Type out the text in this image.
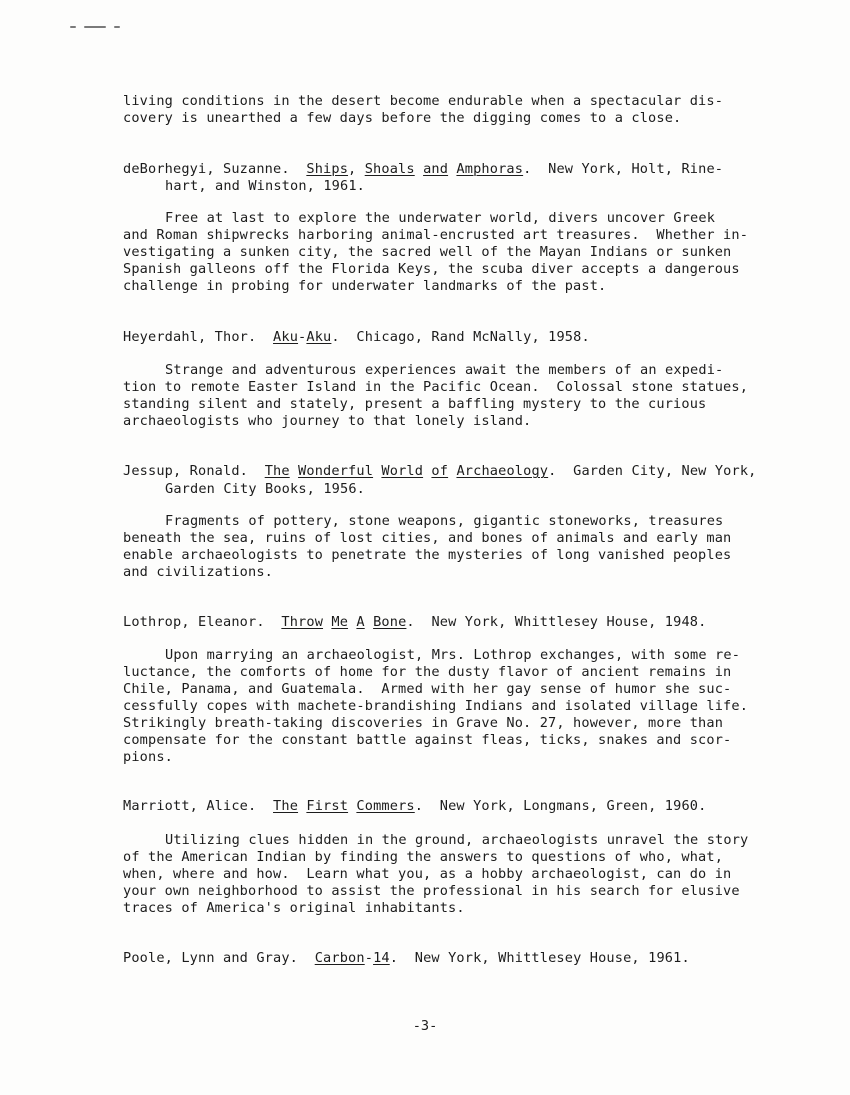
living conditions in the desert become endurable when a spectacular dis-
covery is unearthed a few days before the digging comes to a close.
deBorhegyi, Suzanne. Ships, Shoals and Amphoras.  New York, Holt, Rine-
hart, and Winston, 1961.
Free at last to explore the underwater world, divers uncover Greek
and Roman shipwrecks harboring animal-encrusted art treasures.  Whether in-
vestigating a sunken city, the sacred well of the Mayan Indians or sunken
Spanish galleons off the Florida Keys, the scuba diver accepts a dangerous
challenge in probing for underwater landmarks of the past.
Heyerdahl, Thor. Aku-Aku.  Chicago, Rand McNally, 1958.
Strange and adventurous experiences await the members of an expedi-
tion to remote Easter Island in the Pacific Ocean.  Colossal stone statues,
standing silent and stately, present a baffling mystery to the curious
archaeologists who journey to that lonely island.
Jessup, Ronald. The Wonderful World of Archaeology.  Garden City, New York,
Garden City Books, 1956.
Fragments of pottery, stone weapons, gigantic stoneworks, treasures
beneath the sea, ruins of lost cities, and bones of animals and early man
enable archaeologists to penetrate the mysteries of long vanished peoples
and civilizations.
Lothrop, Eleanor. Throw Me A Bone.  New York, Whittlesey House, 1948.
Upon marrying an archaeologist, Mrs. Lothrop exchanges, with some re-
luctance, the comforts of home for the dusty flavor of ancient remains in
Chile, Panama, and Guatemala.  Armed with her gay sense of humor she suc-
cessfully copes with machete-brandishing Indians and isolated village life.
Strikingly breath-taking discoveries in Grave No. 27, however, more than
compensate for the constant battle against fleas, ticks, snakes and scor-
pions.
Marriott, Alice. The First Commers.  New York, Longmans, Green, 1960.
Utilizing clues hidden in the ground, archaeologists unravel the story
of the American Indian by finding the answers to questions of who, what,
when, where and how.  Learn what you, as a hobby archaeologist, can do in
your own neighborhood to assist the professional in his search for elusive
traces of America's original inhabitants.
Poole, Lynn and Gray. Carbon-14.  New York, Whittlesey House, 1961.
-3-
